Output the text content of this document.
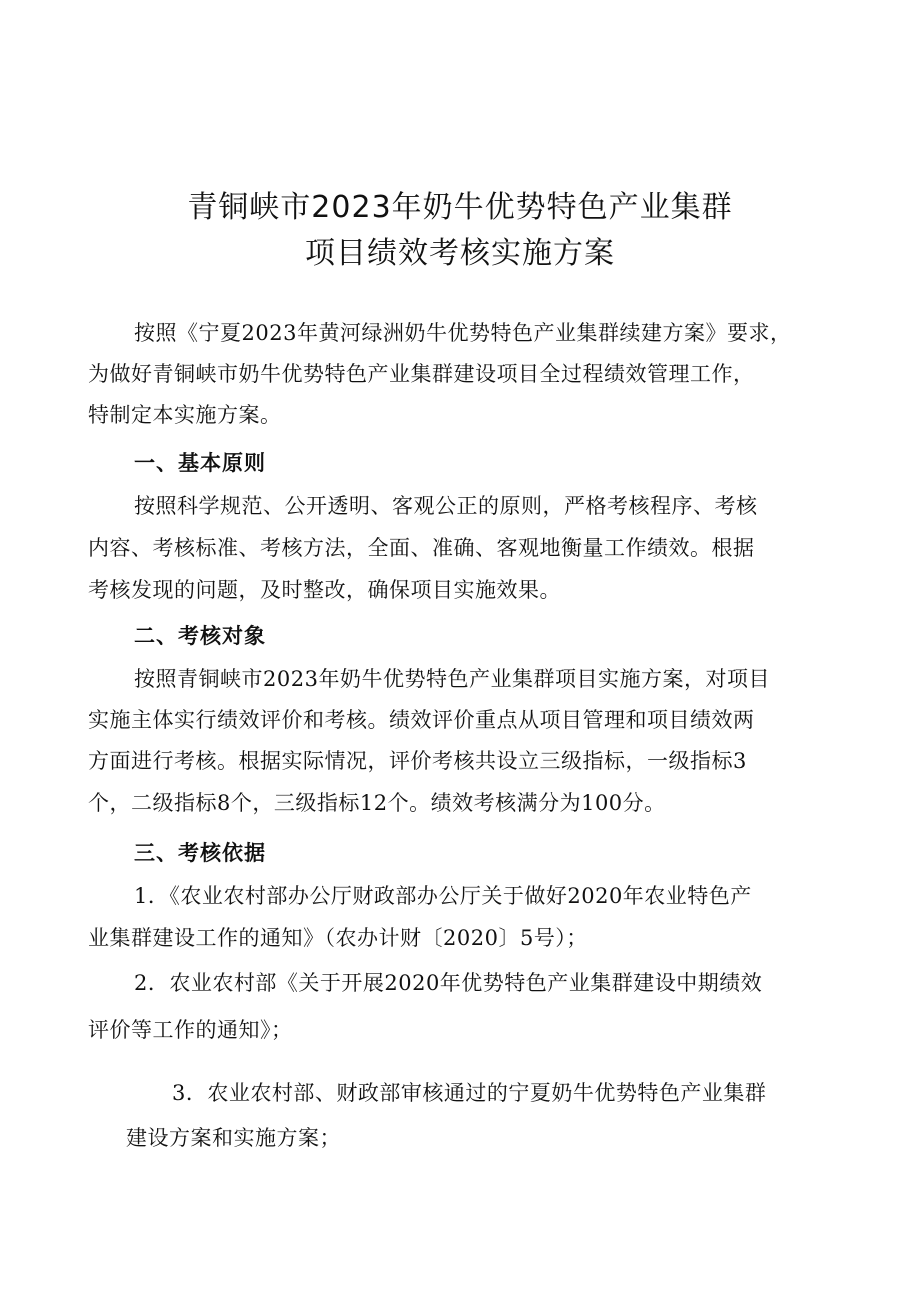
青铜峡市2023年奶牛优势特色产业集群
项目绩效考核实施方案
按照《宁夏2023年黄河绿洲奶牛优势特色产业集群续建方案》要求，
为做好青铜峡市奶牛优势特色产业集群建设项目全过程绩效管理工作，
特制定本实施方案。
一、基本原则
按照科学规范、公开透明、客观公正的原则，严格考核程序、考核
内容、考核标准、考核方法，全面、准确、客观地衡量工作绩效。根据
考核发现的问题，及时整改，确保项目实施效果。
二、考核对象
按照青铜峡市2023年奶牛优势特色产业集群项目实施方案，对项目
实施主体实行绩效评价和考核。绩效评价重点从项目管理和项目绩效两
方面进行考核。根据实际情况，评价考核共设立三级指标，一级指标3
个，二级指标8个，三级指标12个。绩效考核满分为100分。
三、考核依据
1．《农业农村部办公厅财政部办公厅关于做好2020年农业特色产
业集群建设工作的通知》（农办计财〔2020〕5号）；
2．农业农村部《关于开展2020年优势特色产业集群建设中期绩效
评价等工作的通知》；
3．农业农村部、财政部审核通过的宁夏奶牛优势特色产业集群
建设方案和实施方案；
